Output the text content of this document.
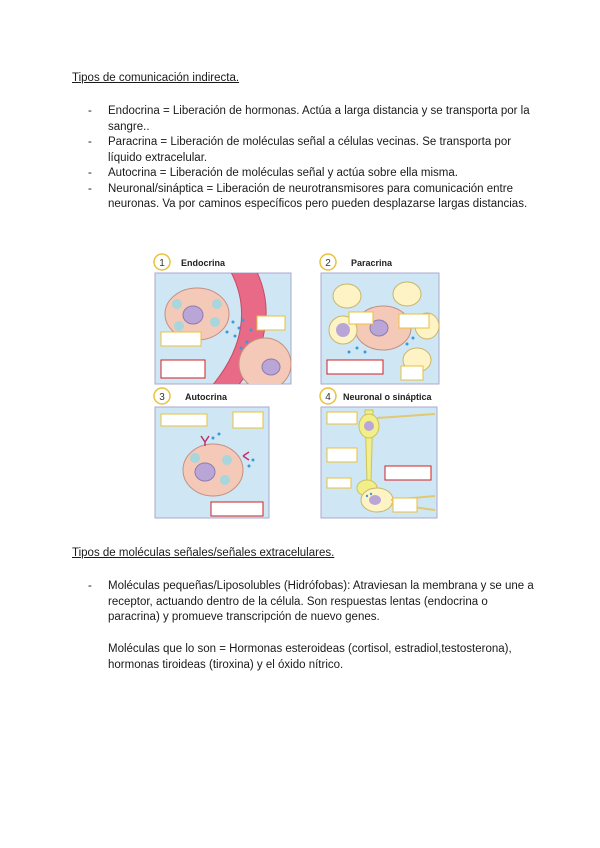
Tipos de comunicación indirecta.
- Endocrina = Liberación de hormonas. Actúa a larga distancia y se transporta por la sangre..
- Paracrina = Liberación de moléculas señal a células vecinas. Se transporta por líquido extracelular.
- Autocrina = Liberación de moléculas señal y actúa sobre ella misma.
- Neuronal/sináptica = Liberación de neurotransmisores para comunicación entre neuronas. Va por caminos específicos pero pueden desplazarse largas distancias.
1 Endocrina	2 Paracrina
3 Autocrina	4 Neuronal o sináptica
Tipos de moléculas señales/señales extracelulares.
- Moléculas pequeñas/Liposolubles (Hidrófobas): Atraviesan la membrana y se une a receptor, actuando dentro de la célula. Son respuestas lentas (endocrina o paracrina) y promueve transcripción de nuevo genes.
Moléculas que lo son = Hormonas esteroideas (cortisol, estradiol,testosterona), hormonas tiroideas (tiroxina) y el óxido nítrico.
